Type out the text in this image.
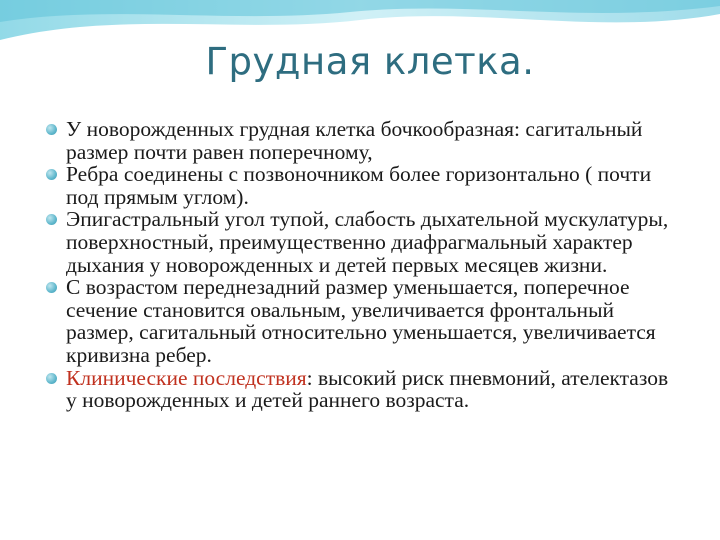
Грудная клетка.
У новорожденных грудная клетка бочкообразная: сагитальный размер почти равен поперечному,
Ребра соединены с позвоночником более горизонтально ( почти под прямым углом).
Эпигастральный угол тупой, слабость дыхательной мускулатуры, поверхностный, преимущественно диафрагмальный характер дыхания у новорожденных и детей первых месяцев жизни.
С возрастом переднезадний размер уменьшается, поперечное сечение становится овальным, увеличивается фронтальный размер, сагитальный относительно уменьшается, увеличивается кривизна ребер.
Клинические последствия: высокий риск пневмоний, ателектазов у новорожденных и детей раннего возраста.
